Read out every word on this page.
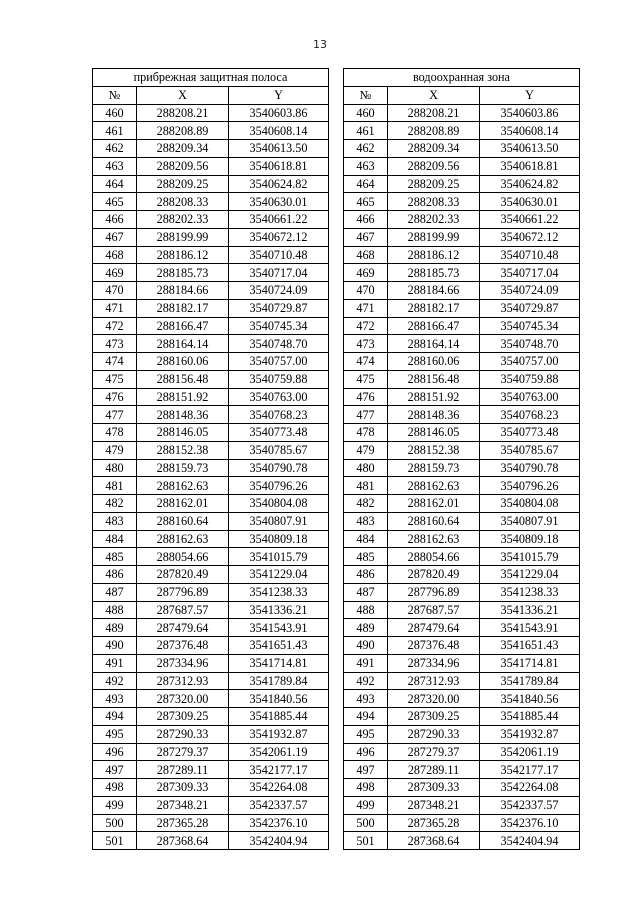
13
прибрежная защитная полоса		
№	X	Y
460	288208.21	3540603.86
461	288208.89	3540608.14
462	288209.34	3540613.50
463	288209.56	3540618.81
464	288209.25	3540624.82
465	288208.33	3540630.01
466	288202.33	3540661.22
467	288199.99	3540672.12
468	288186.12	3540710.48
469	288185.73	3540717.04
470	288184.66	3540724.09
471	288182.17	3540729.87
472	288166.47	3540745.34
473	288164.14	3540748.70
474	288160.06	3540757.00
475	288156.48	3540759.88
476	288151.92	3540763.00
477	288148.36	3540768.23
478	288146.05	3540773.48
479	288152.38	3540785.67
480	288159.73	3540790.78
481	288162.63	3540796.26
482	288162.01	3540804.08
483	288160.64	3540807.91
484	288162.63	3540809.18
485	288054.66	3541015.79
486	287820.49	3541229.04
487	287796.89	3541238.33
488	287687.57	3541336.21
489	287479.64	3541543.91
490	287376.48	3541651.43
491	287334.96	3541714.81
492	287312.93	3541789.84
493	287320.00	3541840.56
494	287309.25	3541885.44
495	287290.33	3541932.87
496	287279.37	3542061.19
497	287289.11	3542177.17
498	287309.33	3542264.08
499	287348.21	3542337.57
500	287365.28	3542376.10
501	287368.64	3542404.94
водоохранная зона		
№	X	Y
460	288208.21	3540603.86
461	288208.89	3540608.14
462	288209.34	3540613.50
463	288209.56	3540618.81
464	288209.25	3540624.82
465	288208.33	3540630.01
466	288202.33	3540661.22
467	288199.99	3540672.12
468	288186.12	3540710.48
469	288185.73	3540717.04
470	288184.66	3540724.09
471	288182.17	3540729.87
472	288166.47	3540745.34
473	288164.14	3540748.70
474	288160.06	3540757.00
475	288156.48	3540759.88
476	288151.92	3540763.00
477	288148.36	3540768.23
478	288146.05	3540773.48
479	288152.38	3540785.67
480	288159.73	3540790.78
481	288162.63	3540796.26
482	288162.01	3540804.08
483	288160.64	3540807.91
484	288162.63	3540809.18
485	288054.66	3541015.79
486	287820.49	3541229.04
487	287796.89	3541238.33
488	287687.57	3541336.21
489	287479.64	3541543.91
490	287376.48	3541651.43
491	287334.96	3541714.81
492	287312.93	3541789.84
493	287320.00	3541840.56
494	287309.25	3541885.44
495	287290.33	3541932.87
496	287279.37	3542061.19
497	287289.11	3542177.17
498	287309.33	3542264.08
499	287348.21	3542337.57
500	287365.28	3542376.10
501	287368.64	3542404.94
